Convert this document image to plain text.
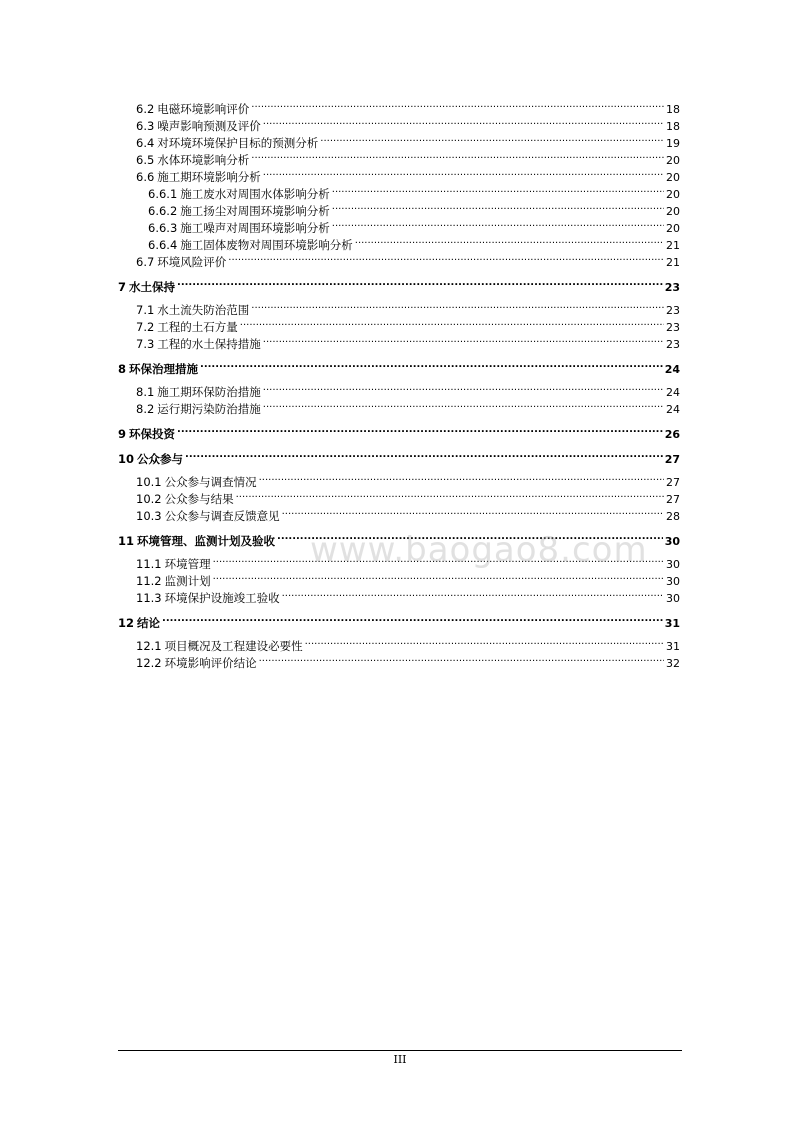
6.2 电磁环境影响评价 .....	18
6.3 噪声影响预测及评价 .....	18
6.4 对环境环境保护目标的预测分析 .....	19
6.5 水体环境影响分析 .....	20
6.6 施工期环境影响分析 .....	20
6.6.1 施工废水对周围水体影响分析 .....	20
6.6.2 施工扬尘对周围环境影响分析 .....	20
6.6.3 施工噪声对周围环境影响分析 .....	20
6.6.4 施工固体废物对周围环境影响分析 .....	21
6.7 环境风险评价 .....	21
7 水土保持 .....	23
7.1 水土流失防治范围 .....	23
7.2 工程的土石方量 .....	23
7.3 工程的水土保持措施 .....	23
8 环保治理措施 .....	24
8.1 施工期环保防治措施 .....	24
8.2 运行期污染防治措施 .....	24
9 环保投资 .....	26
10 公众参与 .....	27
10.1 公众参与调查情况 .....	27
10.2 公众参与结果 .....	27
10.3 公众参与调查反馈意见 .....	28
11 环境管理、监测计划及验收 .....	30
11.1 环境管理 .....	30
11.2 监测计划 .....	30
11.3 环境保护设施竣工验收 .....	30
12 结论 .....	31
12.1 项目概况及工程建设必要性 .....	31
12.2 环境影响评价结论 .....	32
www.baogao8.com
III
